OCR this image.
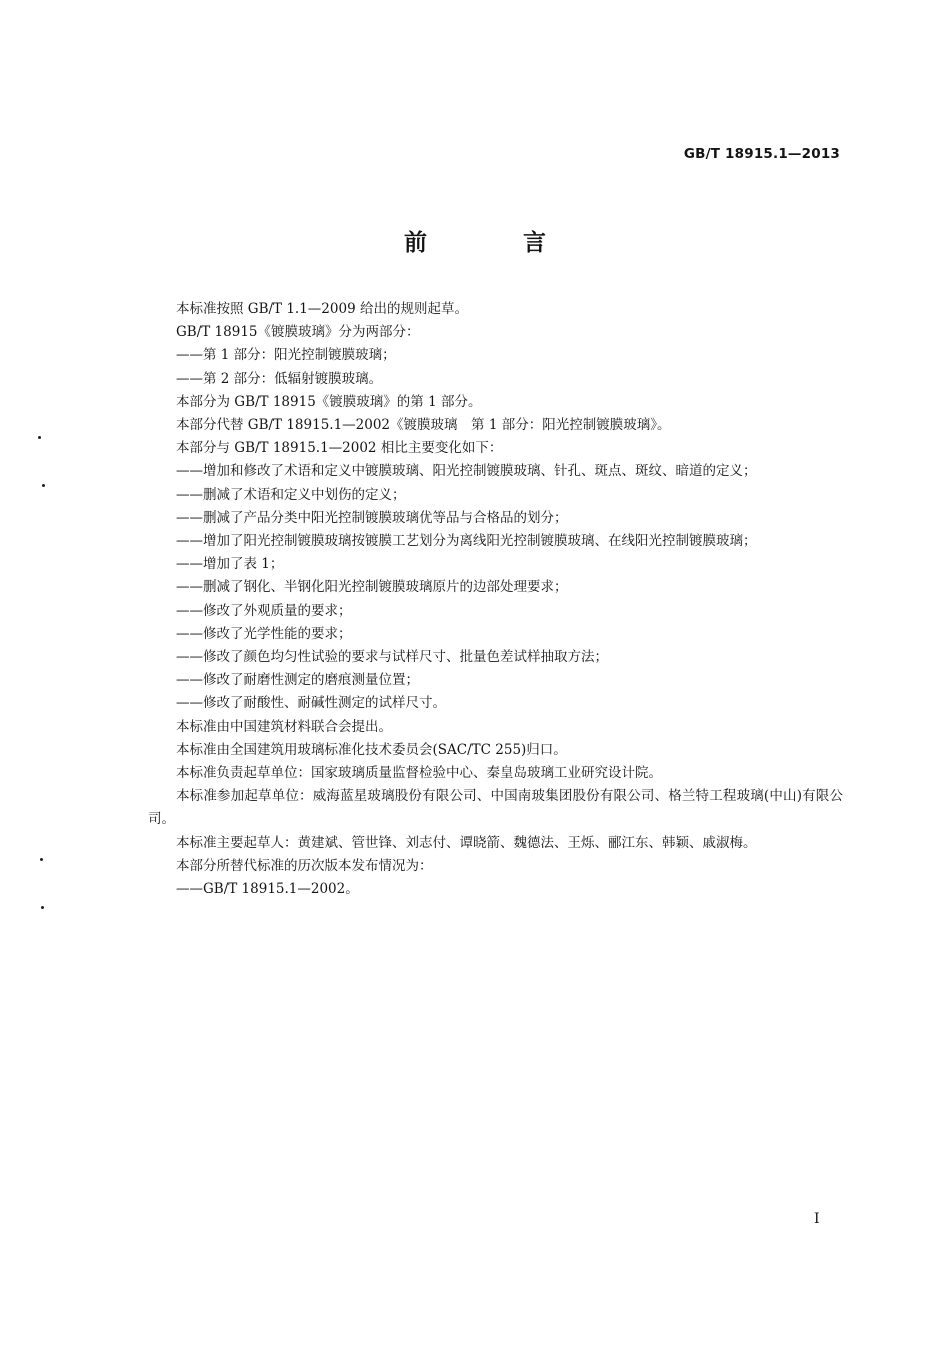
GB/T 18915.1—2013
前 言

本标准按照 GB/T 1.1—2009 给出的规则起草。

GB/T 18915《镀膜玻璃》分为两部分：

——第 1 部分：阳光控制镀膜玻璃；

——第 2 部分：低辐射镀膜玻璃。

本部分为 GB/T 18915《镀膜玻璃》的第 1 部分。

本部分代替 GB/T 18915.1—2002《镀膜玻璃　第 1 部分：阳光控制镀膜玻璃》。

本部分与 GB/T 18915.1—2002 相比主要变化如下：

——增加和修改了术语和定义中镀膜玻璃、阳光控制镀膜玻璃、针孔、斑点、斑纹、暗道的定义；

——删减了术语和定义中划伤的定义；

——删减了产品分类中阳光控制镀膜玻璃优等品与合格品的划分；

——增加了阳光控制镀膜玻璃按镀膜工艺划分为离线阳光控制镀膜玻璃、在线阳光控制镀膜玻璃；

——增加了表 1；

——删减了钢化、半钢化阳光控制镀膜玻璃原片的边部处理要求；

——修改了外观质量的要求；

——修改了光学性能的要求；

——修改了颜色均匀性试验的要求与试样尺寸、批量色差试样抽取方法；

——修改了耐磨性测定的磨痕测量位置；

——修改了耐酸性、耐碱性测定的试样尺寸。

本标准由中国建筑材料联合会提出。

本标准由全国建筑用玻璃标准化技术委员会(SAC/TC 255)归口。

本标准负责起草单位：国家玻璃质量监督检验中心、秦皇岛玻璃工业研究设计院。

本标准参加起草单位：威海蓝星玻璃股份有限公司、中国南玻集团股份有限公司、格兰特工程玻璃(中山)有限公司。

本标准主要起草人：黄建斌、管世锋、刘志付、谭晓箭、魏德法、王烁、郦江东、韩颖、戚淑梅。

本部分所替代标准的历次版本发布情况为：

——GB/T 18915.1—2002。

I
